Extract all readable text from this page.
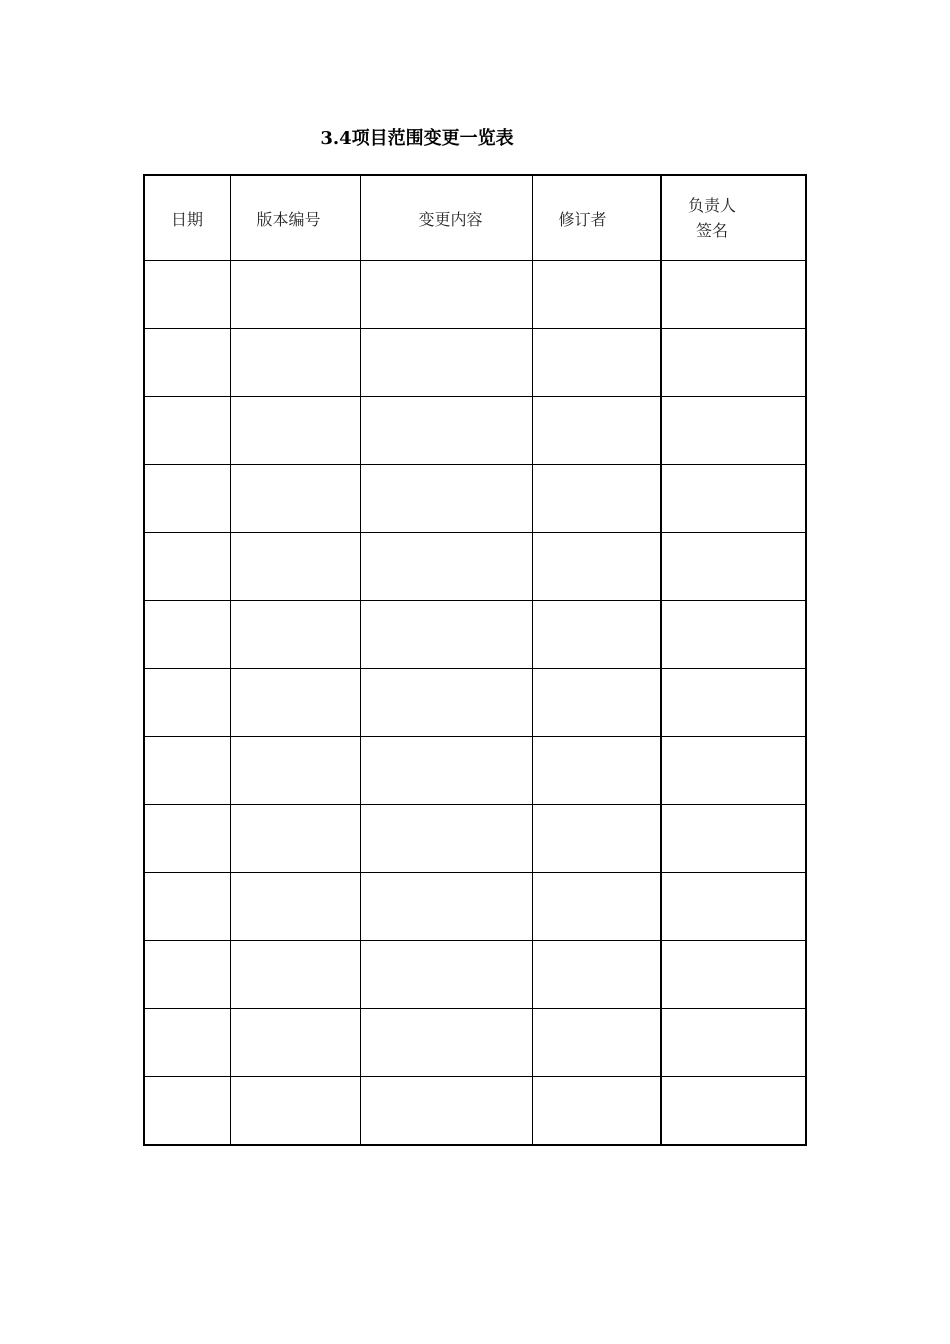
3.4项目范围变更一览表
日期	版本编号	变更内容	修订者	负责人
签名
